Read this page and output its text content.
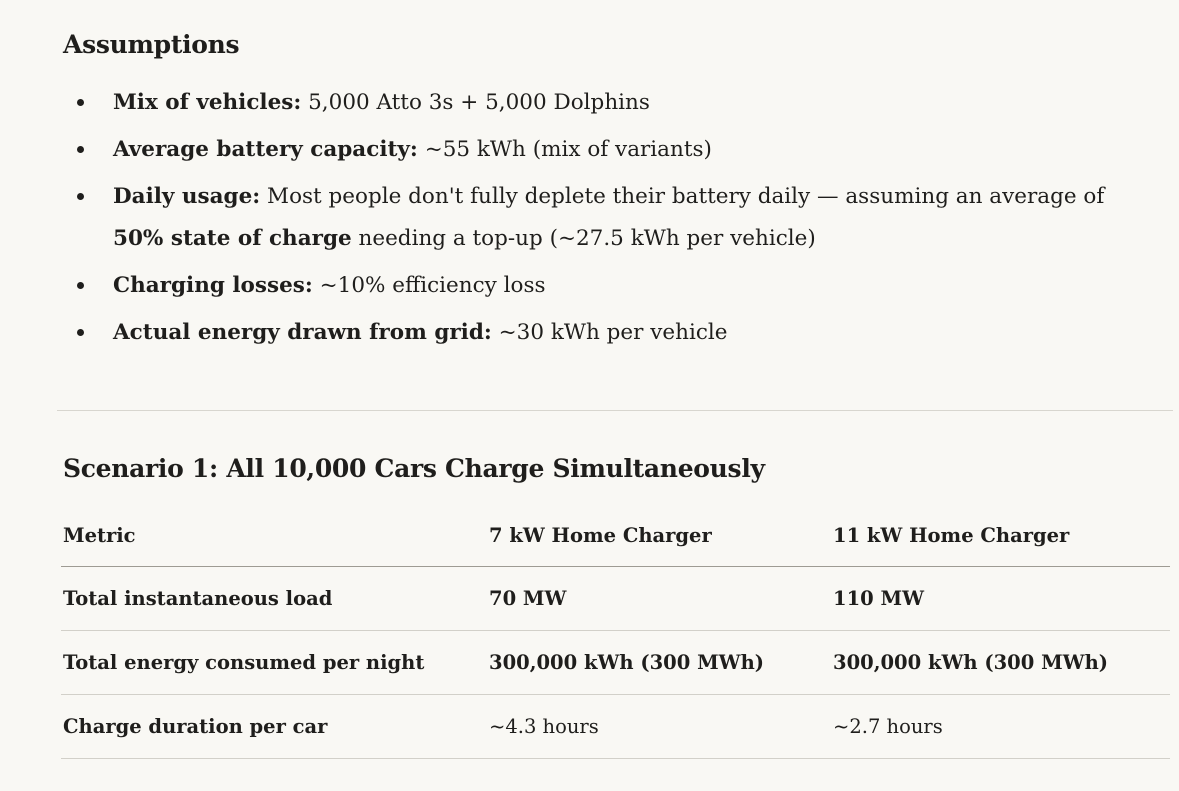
Assumptions
Mix of vehicles: 5,000 Atto 3s + 5,000 Dolphins
Average battery capacity: ~55 kWh (mix of variants)
Daily usage: Most people don't fully deplete their battery daily — assuming an average of 50% state of charge needing a top-up (~27.5 kWh per vehicle)
Charging losses: ~10% efficiency loss
Actual energy drawn from grid: ~30 kWh per vehicle
Scenario 1: All 10,000 Cars Charge Simultaneously
Metric	7 kW Home Charger	11 kW Home Charger
Total instantaneous load	70 MW	110 MW
Total energy consumed per night	300,000 kWh (300 MWh)	300,000 kWh (300 MWh)
Charge duration per car	~4.3 hours	~2.7 hours
